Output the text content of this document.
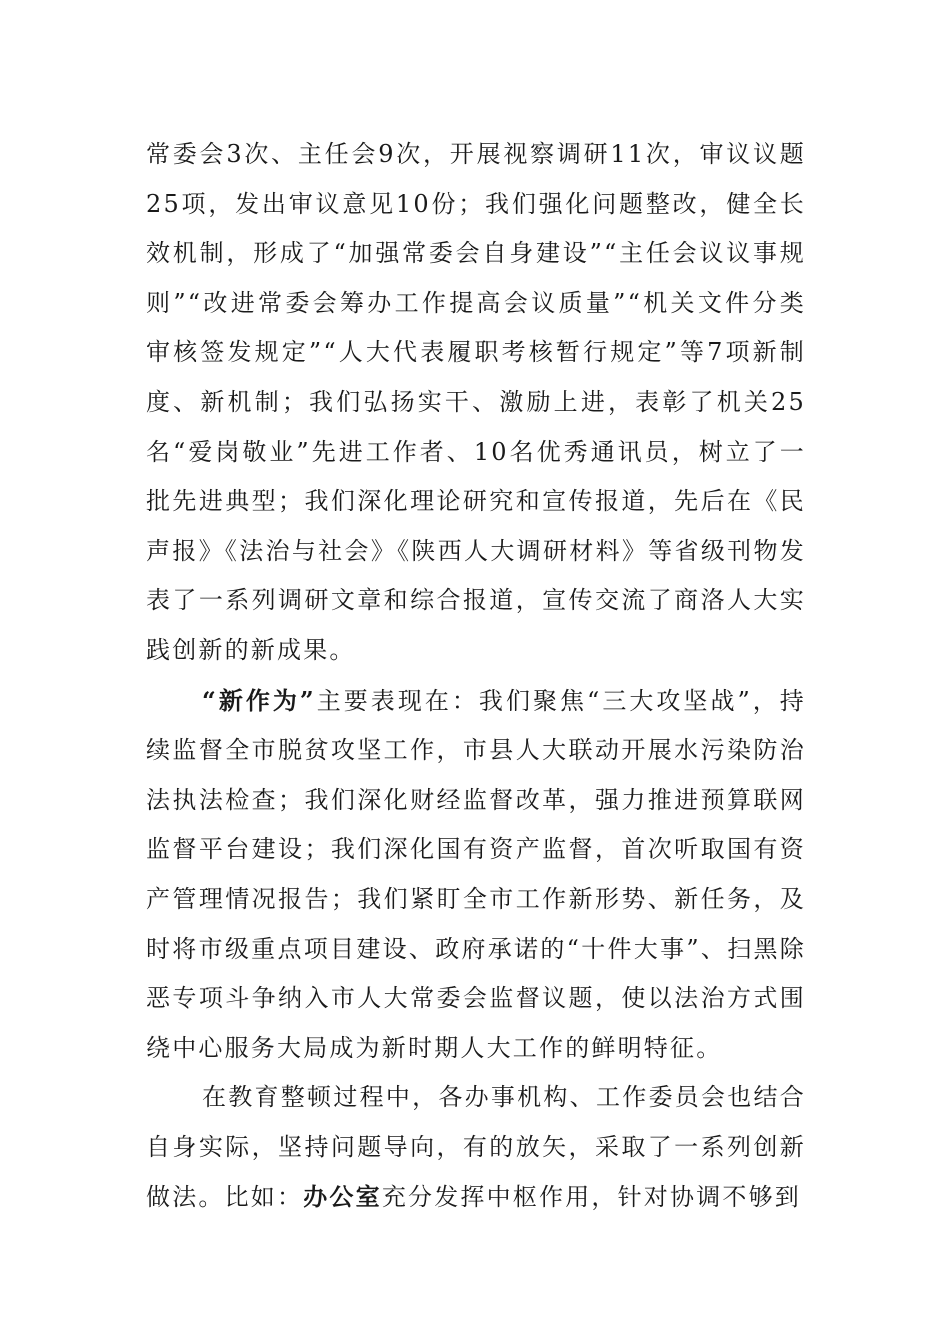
常委会3次、主任会9次，开展视察调研11次，审议议题25项，发出审议意见10份；我们强化问题整改，健全长效机制，形成了“加强常委会自身建设”“主任会议议事规则”“改进常委会筹办工作提高会议质量”“机关文件分类审核签发规定”“人大代表履职考核暂行规定”等7项新制度、新机制；我们弘扬实干、激励上进，表彰了机关25名“爱岗敬业”先进工作者、10名优秀通讯员，树立了一批先进典型；我们深化理论研究和宣传报道，先后在《民声报》《法治与社会》《陕西人大调研材料》等省级刊物发表了一系列调研文章和综合报道，宣传交流了商洛人大实践创新的新成果。

“新作为”主要表现在：我们聚焦“三大攻坚战”，持续监督全市脱贫攻坚工作，市县人大联动开展水污染防治法执法检查；我们深化财经监督改革，强力推进预算联网监督平台建设；我们深化国有资产监督，首次听取国有资产管理情况报告；我们紧盯全市工作新形势、新任务，及时将市级重点项目建设、政府承诺的“十件大事”、扫黑除恶专项斗争纳入市人大常委会监督议题，使以法治方式围绕中心服务大局成为新时期人大工作的鲜明特征。

在教育整顿过程中，各办事机构、工作委员会也结合自身实际，坚持问题导向，有的放矢，采取了一系列创新做法。比如：办公室充分发挥中枢作用，针对协调不够到
